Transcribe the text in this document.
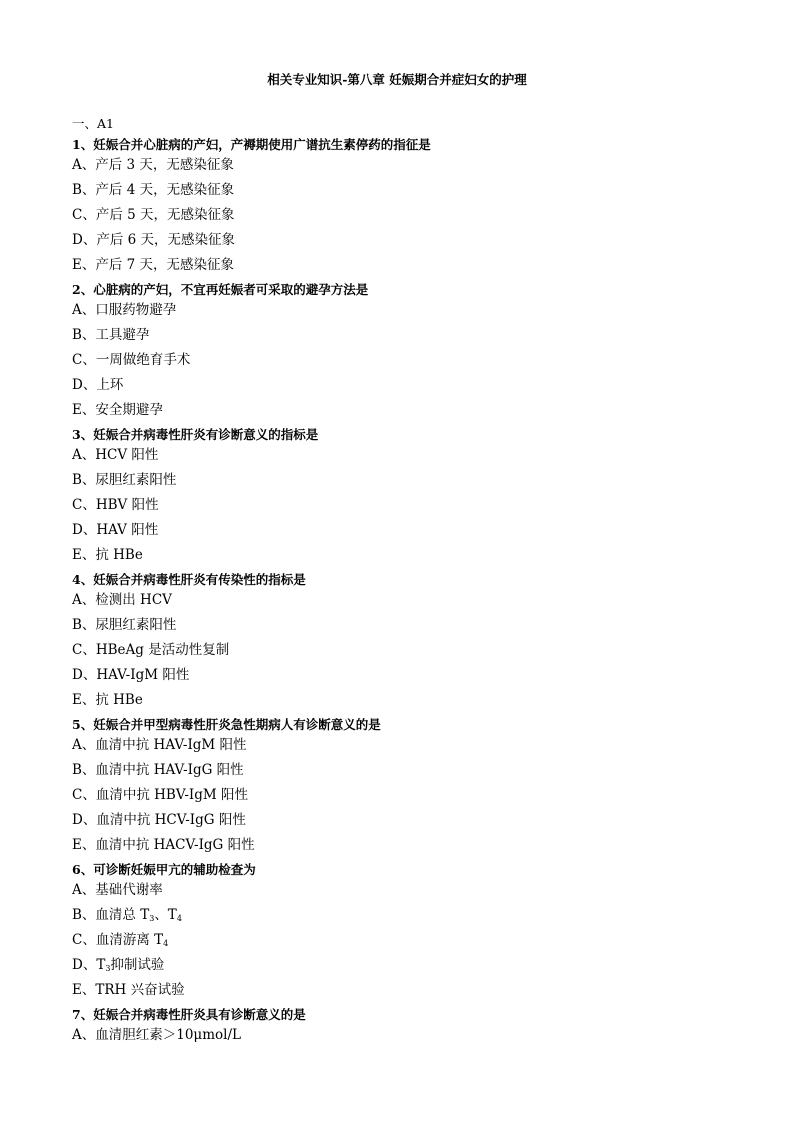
相关专业知识-第八章 妊娠期合并症妇女的护理
一、A1
1、妊娠合并心脏病的产妇，产褥期使用广谱抗生素停药的指征是
A、产后 3 天，无感染征象
B、产后 4 天，无感染征象
C、产后 5 天，无感染征象
D、产后 6 天，无感染征象
E、产后 7 天，无感染征象
2、心脏病的产妇，不宜再妊娠者可采取的避孕方法是
A、口服药物避孕
B、工具避孕
C、一周做绝育手术
D、上环
E、安全期避孕
3、妊娠合并病毒性肝炎有诊断意义的指标是
A、HCV 阳性
B、尿胆红素阳性
C、HBV 阳性
D、HAV 阳性
E、抗 HBe
4、妊娠合并病毒性肝炎有传染性的指标是
A、检测出 HCV
B、尿胆红素阳性
C、HBeAg 是活动性复制
D、HAV-IgM 阳性
E、抗 HBe
5、妊娠合并甲型病毒性肝炎急性期病人有诊断意义的是
A、血清中抗 HAV-IgM 阳性
B、血清中抗 HAV-IgG 阳性
C、血清中抗 HBV-IgM 阳性
D、血清中抗 HCV-IgG 阳性
E、血清中抗 HACV-IgG 阳性
6、可诊断妊娠甲亢的辅助检查为
A、基础代谢率
B、血清总 $T_3$、$T_4$
C、血清游离 $T_4$
D、$T_3$抑制试验
E、TRH 兴奋试验
7、妊娠合并病毒性肝炎具有诊断意义的是
A、血清胆红素＞10μmol/L
